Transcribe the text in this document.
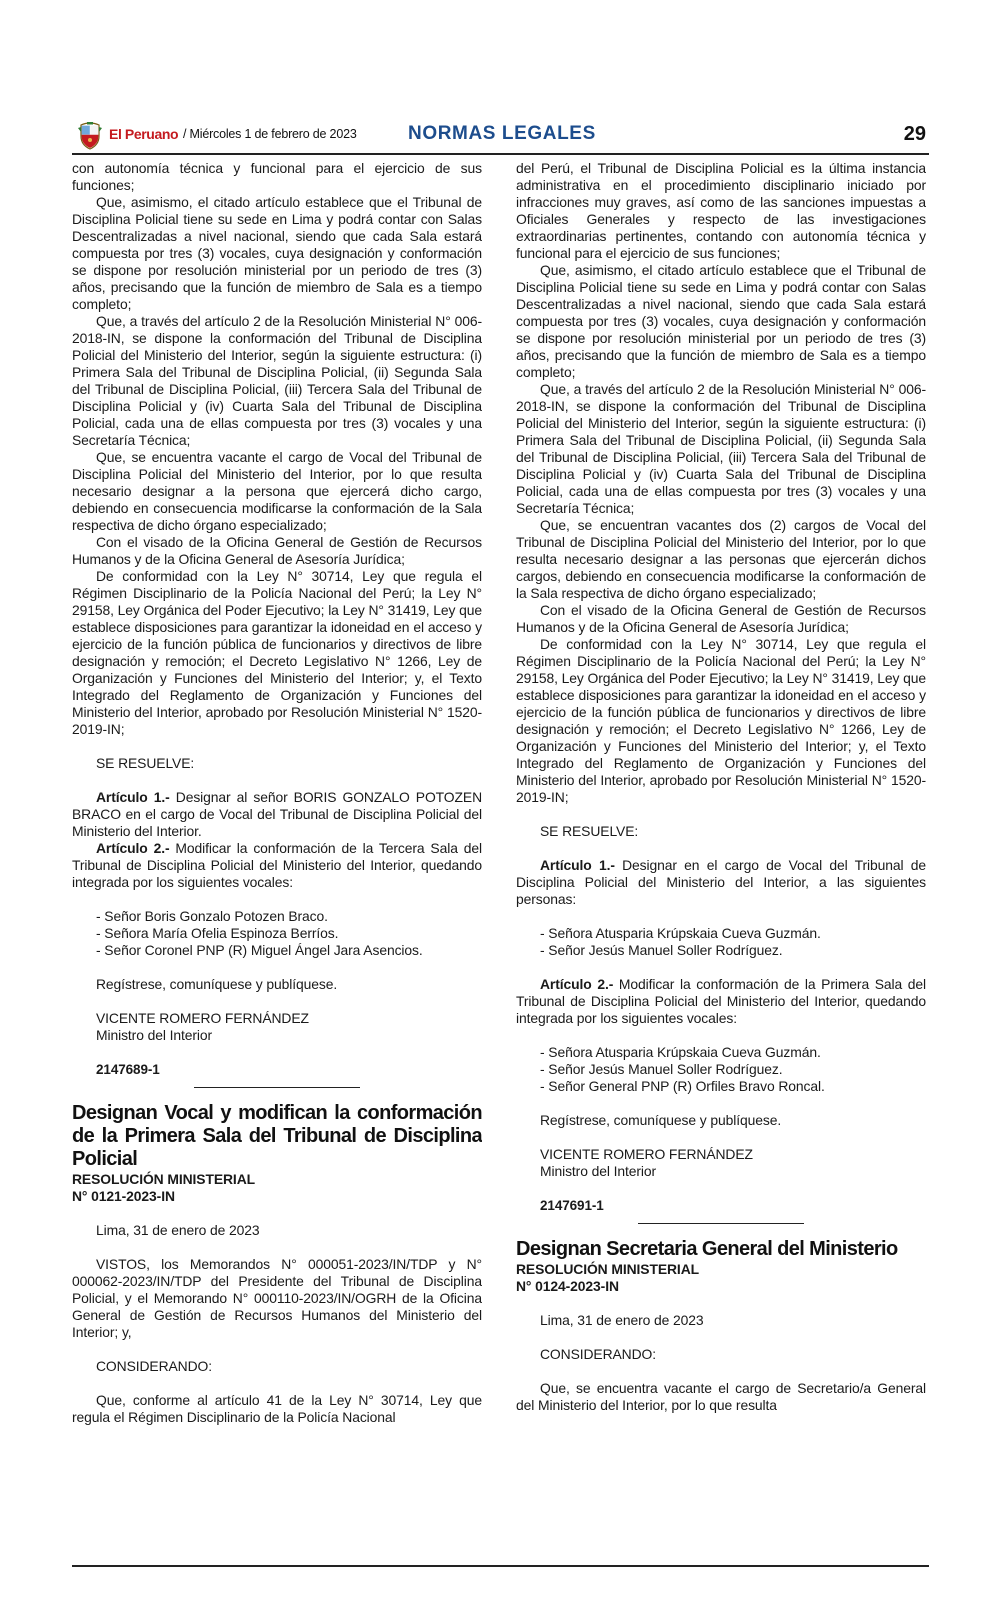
El Peruano / Miércoles 1 de febrero de 2023	NORMAS LEGALES	29

con autonomía técnica y funcional para el ejercicio de sus funciones;

Que, asimismo, el citado artículo establece que el Tribunal de Disciplina Policial tiene su sede en Lima y podrá contar con Salas Descentralizadas a nivel nacional, siendo que cada Sala estará compuesta por tres (3) vocales, cuya designación y conformación se dispone por resolución ministerial por un periodo de tres (3) años, precisando que la función de miembro de Sala es a tiempo completo;

Que, a través del artículo 2 de la Resolución Ministerial N° 006-2018-IN, se dispone la conformación del Tribunal de Disciplina Policial del Ministerio del Interior, según la siguiente estructura: (i) Primera Sala del Tribunal de Disciplina Policial, (ii) Segunda Sala del Tribunal de Disciplina Policial, (iii) Tercera Sala del Tribunal de Disciplina Policial y (iv) Cuarta Sala del Tribunal de Disciplina Policial, cada una de ellas compuesta por tres (3) vocales y una Secretaría Técnica;

Que, se encuentra vacante el cargo de Vocal del Tribunal de Disciplina Policial del Ministerio del Interior, por lo que resulta necesario designar a la persona que ejercerá dicho cargo, debiendo en consecuencia modificarse la conformación de la Sala respectiva de dicho órgano especializado;

Con el visado de la Oficina General de Gestión de Recursos Humanos y de la Oficina General de Asesoría Jurídica;

De conformidad con la Ley N° 30714, Ley que regula el Régimen Disciplinario de la Policía Nacional del Perú; la Ley N° 29158, Ley Orgánica del Poder Ejecutivo; la Ley N° 31419, Ley que establece disposiciones para garantizar la idoneidad en el acceso y ejercicio de la función pública de funcionarios y directivos de libre designación y remoción; el Decreto Legislativo N° 1266, Ley de Organización y Funciones del Ministerio del Interior; y, el Texto Integrado del Reglamento de Organización y Funciones del Ministerio del Interior, aprobado por Resolución Ministerial N° 1520-2019-IN;

SE RESUELVE:

Artículo 1.- Designar al señor BORIS GONZALO POTOZEN BRACO en el cargo de Vocal del Tribunal de Disciplina Policial del Ministerio del Interior.

Artículo 2.- Modificar la conformación de la Tercera Sala del Tribunal de Disciplina Policial del Ministerio del Interior, quedando integrada por los siguientes vocales:

- Señor Boris Gonzalo Potozen Braco.

- Señora María Ofelia Espinoza Berríos.

- Señor Coronel PNP (R) Miguel Ángel Jara Asencios.

Regístrese, comuníquese y publíquese.

VICENTE ROMERO FERNÁNDEZ

Ministro del Interior

2147689-1

Designan Vocal y modifican la conformación de la Primera Sala del Tribunal de Disciplina Policial

RESOLUCIÓN MINISTERIAL

N° 0121-2023-IN

Lima, 31 de enero de 2023

VISTOS, los Memorandos N° 000051-2023/IN/TDP y N° 000062-2023/IN/TDP del Presidente del Tribunal de Disciplina Policial, y el Memorando N° 000110-2023/IN/OGRH de la Oficina General de Gestión de Recursos Humanos del Ministerio del Interior; y,

CONSIDERANDO:

Que, conforme al artículo 41 de la Ley N° 30714, Ley que regula el Régimen Disciplinario de la Policía Nacional

del Perú, el Tribunal de Disciplina Policial es la última instancia administrativa en el procedimiento disciplinario iniciado por infracciones muy graves, así como de las sanciones impuestas a Oficiales Generales y respecto de las investigaciones extraordinarias pertinentes, contando con autonomía técnica y funcional para el ejercicio de sus funciones;

Que, asimismo, el citado artículo establece que el Tribunal de Disciplina Policial tiene su sede en Lima y podrá contar con Salas Descentralizadas a nivel nacional, siendo que cada Sala estará compuesta por tres (3) vocales, cuya designación y conformación se dispone por resolución ministerial por un periodo de tres (3) años, precisando que la función de miembro de Sala es a tiempo completo;

Que, a través del artículo 2 de la Resolución Ministerial N° 006-2018-IN, se dispone la conformación del Tribunal de Disciplina Policial del Ministerio del Interior, según la siguiente estructura: (i) Primera Sala del Tribunal de Disciplina Policial, (ii) Segunda Sala del Tribunal de Disciplina Policial, (iii) Tercera Sala del Tribunal de Disciplina Policial y (iv) Cuarta Sala del Tribunal de Disciplina Policial, cada una de ellas compuesta por tres (3) vocales y una Secretaría Técnica;

Que, se encuentran vacantes dos (2) cargos de Vocal del Tribunal de Disciplina Policial del Ministerio del Interior, por lo que resulta necesario designar a las personas que ejercerán dichos cargos, debiendo en consecuencia modificarse la conformación de la Sala respectiva de dicho órgano especializado;

Con el visado de la Oficina General de Gestión de Recursos Humanos y de la Oficina General de Asesoría Jurídica;

De conformidad con la Ley N° 30714, Ley que regula el Régimen Disciplinario de la Policía Nacional del Perú; la Ley N° 29158, Ley Orgánica del Poder Ejecutivo; la Ley N° 31419, Ley que establece disposiciones para garantizar la idoneidad en el acceso y ejercicio de la función pública de funcionarios y directivos de libre designación y remoción; el Decreto Legislativo N° 1266, Ley de Organización y Funciones del Ministerio del Interior; y, el Texto Integrado del Reglamento de Organización y Funciones del Ministerio del Interior, aprobado por Resolución Ministerial N° 1520-2019-IN;

SE RESUELVE:

Artículo 1.- Designar en el cargo de Vocal del Tribunal de Disciplina Policial del Ministerio del Interior, a las siguientes personas:

- Señora Atusparia Krúpskaia Cueva Guzmán.

- Señor Jesús Manuel Soller Rodríguez.

Artículo 2.- Modificar la conformación de la Primera Sala del Tribunal de Disciplina Policial del Ministerio del Interior, quedando integrada por los siguientes vocales:

- Señora Atusparia Krúpskaia Cueva Guzmán.

- Señor Jesús Manuel Soller Rodríguez.

- Señor General PNP (R) Orfiles Bravo Roncal.

Regístrese, comuníquese y publíquese.

VICENTE ROMERO FERNÁNDEZ

Ministro del Interior

2147691-1

Designan Secretaria General del Ministerio

RESOLUCIÓN MINISTERIAL

N° 0124-2023-IN

Lima, 31 de enero de 2023

CONSIDERANDO:

Que, se encuentra vacante el cargo de Secretario/a General del Ministerio del Interior, por lo que resulta
